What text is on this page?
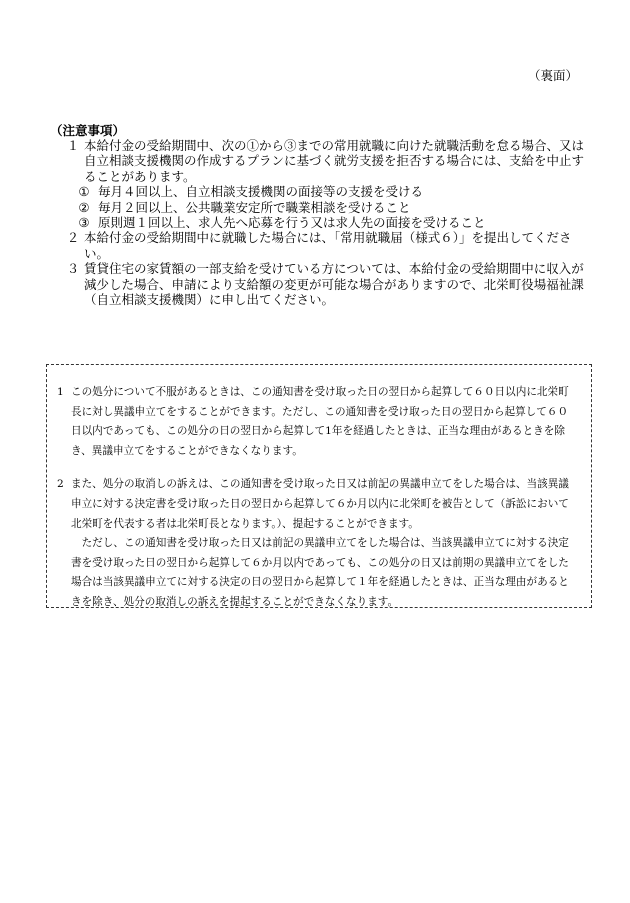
（裏面）
（注意事項）
１ 本給付金の受給期間中、次の①から③までの常用就職に向けた就職活動を怠る場合、又は自立相談支援機関の作成するプランに基づく就労支援を拒否する場合には、支給を中止することがあります。
① 毎月４回以上、自立相談支援機関の面接等の支援を受ける
② 毎月２回以上、公共職業安定所で職業相談を受けること
③ 原則週１回以上、求人先へ応募を行う又は求人先の面接を受けること
２ 本給付金の受給期間中に就職した場合には、「常用就職届（様式６）」を提出してください。
３ 賃貸住宅の家賃額の一部支給を受けている方については、本給付金の受給期間中に収入が減少した場合、申請により支給額の変更が可能な場合がありますので、北栄町役場福祉課（自立相談支援機関）に申し出てください。
1 この処分について不服があるときは、この通知書を受け取った日の翌日から起算して６０日以内に北栄町長に対し異議申立てをすることができます。ただし、この通知書を受け取った日の翌日から起算して６０日以内であっても、この処分の日の翌日から起算して1年を経過したときは、正当な理由があるときを除き、異議申立てをすることができなくなります。
2 また、処分の取消しの訴えは、この通知書を受け取った日又は前記の異議申立てをした場合は、当該異議申立に対する決定書を受け取った日の翌日から起算して６か月以内に北栄町を被告として（訴訟において北栄町を代表する者は北栄町長となります。）、提起することができます。
ただし、この通知書を受け取った日又は前記の異議申立てをした場合は、当該異議申立てに対する決定書を受け取った日の翌日から起算して６か月以内であっても、この処分の日又は前期の異議申立てをした場合は当該異議申立てに対する決定の日の翌日から起算して１年を経過したときは、正当な理由があるときを除き、処分の取消しの訴えを提起することができなくなります。
